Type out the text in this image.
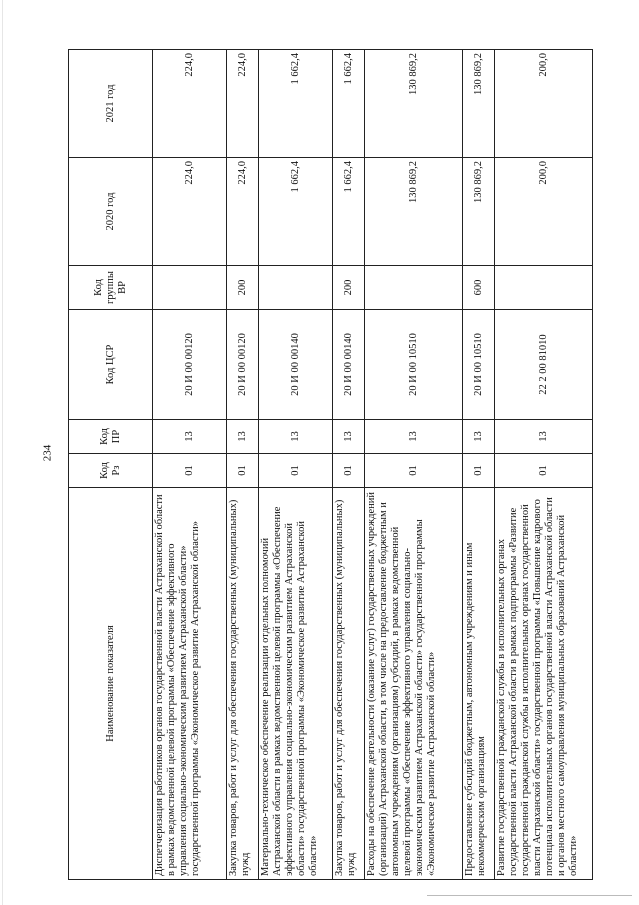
234
Наименование показателя	Код Рз	Код ПР	Код ЦСР	Код группы ВР	2020 год	2021 год
Диспетчеризация работников органов государственной власти Астраханской области в рамках ведомственной целевой программы «Обеспечение эффективного управления социально-экономическим развитием Астраханской области» государственной программы «Экономическое развитие Астраханской области»	01	13	20 И 00 00120		224,0	224,0
Закупка товаров, работ и услуг для обеспечения государственных (муниципальных) нужд	01	13	20 И 00 00120	200	224,0	224,0
Материально-техническое обеспечение реализации отдельных полномочий Астраханской области в рамках ведомственной целевой программы «Обеспечение эффективного управления социально-экономическим развитием Астраханской области» государственной программы «Экономическое развитие Астраханской области»	01	13	20 И 00 00140		1 662,4	1 662,4
Закупка товаров, работ и услуг для обеспечения государственных (муниципальных) нужд	01	13	20 И 00 00140	200	1 662,4	1 662,4
Расходы на обеспечение деятельности (оказание услуг) государственных учреждений (организаций) Астраханской области, в том числе на предоставление бюджетным и автономным учреждениям (организациям) субсидий, в рамках ведомственной целевой программы «Обеспечение эффективного управления социально-экономическим развитием Астраханской области» государственной программы «Экономическое развитие Астраханской области»	01	13	20 И 00 10510		130 869,2	130 869,2
Предоставление субсидий бюджетным, автономным учреждениям и иным некоммерческим организациям	01	13	20 И 00 10510	600	130 869,2	130 869,2
Развитие государственной гражданской службы в исполнительных органах государственной власти Астраханской области в рамках подпрограммы «Развитие государственной гражданской службы в исполнительных органах государственной власти Астраханской области» государственной программы «Повышение кадрового потенциала исполнительных органов государственной власти Астраханской области и органов местного самоуправления муниципальных образований Астраханской области»	01	13	22 2 00 81010		200,0	200,0
